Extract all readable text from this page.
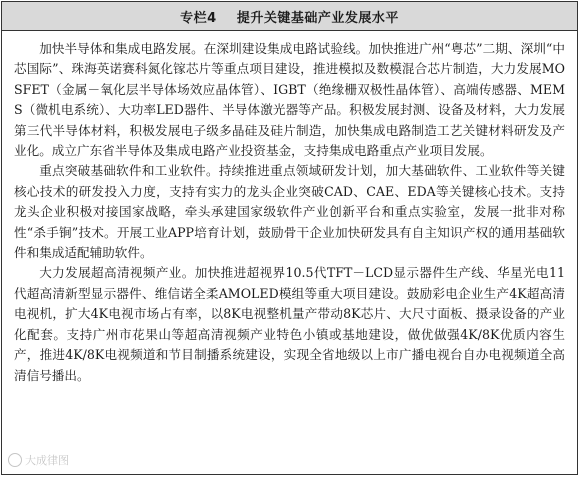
专栏4
提升关键基础产业发展水平

加快半导体和集成电路发展。在深圳建设集成电路试验线。加快推进广州“粤芯”二期、深圳“中芯国际”、珠海英诺赛科氮化镓芯片等重点项目建设，推进模拟及数模混合芯片制造，大力发展MOSFET（金属－氧化层半导体场效应晶体管）、IGBT（绝缘栅双极性晶体管）、高端传感器、MEMS（微机电系统）、大功率LED器件、半导体激光器等产品。积极发展封测、设备及材料，大力发展第三代半导体材料，积极发展电子级多晶硅及硅片制造，加快集成电路制造工艺关键材料研发及产业化。成立广东省半导体及集成电路产业投资基金，支持集成电路重点产业项目发展。

重点突破基础软件和工业软件。持续推进重点领域研发计划，加大基础软件、工业软件等关键核心技术的研发投入力度，支持有实力的龙头企业突破CAD、CAE、EDA等关键核心技术。支持龙头企业积极对接国家战略，牵头承建国家级软件产业创新平台和重点实验室，发展一批非对称性“杀手锏”技术。开展工业APP培育计划，鼓励骨干企业加快研发具有自主知识产权的通用基础软件和集成适配辅助软件。

大力发展超高清视频产业。加快推进超视界10.5代TFT－LCD显示器件生产线、华星光电11代超高清新型显示器件、维信诺全柔AMOLED模组等重大项目建设。鼓励彩电企业生产4K超高清电视机，扩大4K电视市场占有率，以8K电视整机量产带动8K芯片、大尺寸面板、摄录设备的产业化配套。支持广州市花果山等超高清视频产业特色小镇或基地建设，做优做强4K/8K优质内容生产，推进4K/8K电视频道和节目制播系统建设，实现全省地级以上市广播电视台自办电视频道全高清信号播出。

大成律图
